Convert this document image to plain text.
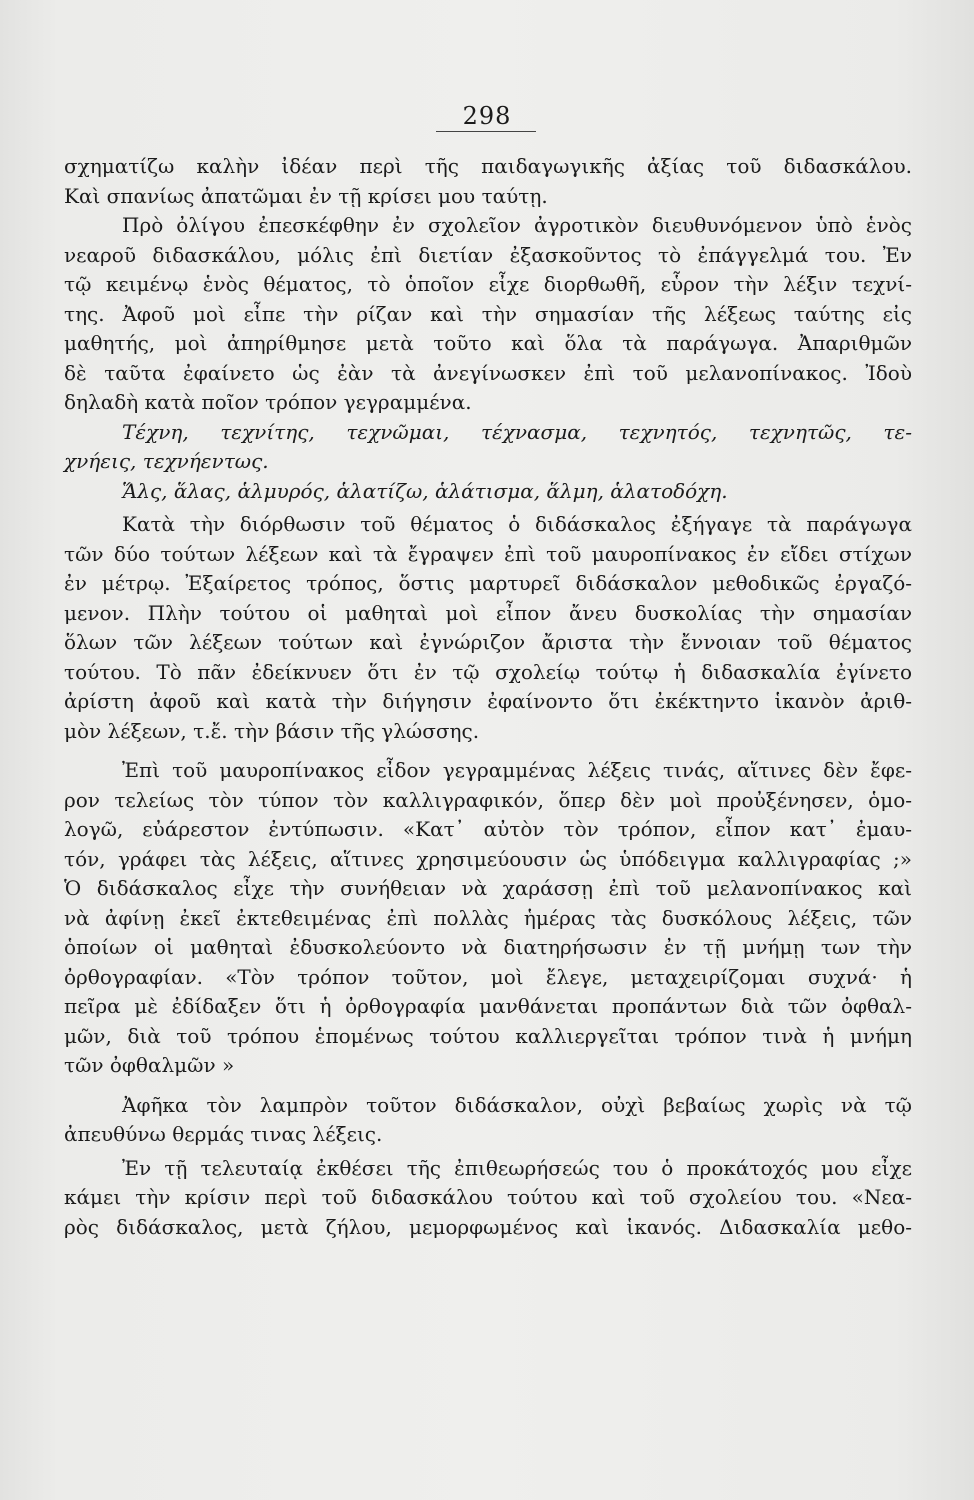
298
σχηματίζω καλὴν ἰδέαν περὶ τῆς παιδαγωγικῆς ἀξίας τοῦ διδασκάλου.
Καὶ σπανίως ἀπατῶμαι ἐν τῇ κρίσει μου ταύτῃ.
Πρὸ ὀλίγου ἐπεσκέφθην ἐν σχολεῖον ἀγροτικὸν διευθυνόμενον ὑπὸ ἑνὸς
νεαροῦ διδασκάλου, μόλις ἐπὶ διετίαν ἐξασκοῦντος τὸ ἐπάγγελμά του. Ἐν
τῷ κειμένῳ ἑνὸς θέματος, τὸ ὁποῖον εἶχε διορθωθῆ, εὗρον τὴν λέξιν τεχνί-
της. Ἀφοῦ μοὶ εἶπε τὴν ρίζαν καὶ τὴν σημασίαν τῆς λέξεως ταύτης εἰς
μαθητής, μοὶ ἀπηρίθμησε μετὰ τοῦτο καὶ ὅλα τὰ παράγωγα. Ἀπαριθμῶν
δὲ ταῦτα ἐφαίνετο ὡς ἐὰν τὰ ἀνεγίνωσκεν ἐπὶ τοῦ μελανοπίνακος. Ἰδοὺ
δηλαδὴ κατὰ ποῖον τρόπον γεγραμμένα.
Τέχνη, τεχνίτης, τεχνῶμαι, τέχνασμα, τεχνητός, τεχνητῶς, τε-
χνήεις, τεχνήεντως.
Ἅλς, ἅλας, ἁλμυρός, ἁλατίζω, ἁλάτισμα, ἅλμη, ἁλατοδόχη.
Κατὰ τὴν διόρθωσιν τοῦ θέματος ὁ διδάσκαλος ἐξήγαγε τὰ παράγωγα
τῶν δύο τούτων λέξεων καὶ τὰ ἔγραψεν ἐπὶ τοῦ μαυροπίνακος ἐν εἴδει στίχων
ἐν μέτρῳ. Ἐξαίρετος τρόπος, ὅστις μαρτυρεῖ διδάσκαλον μεθοδικῶς ἐργαζό-
μενον. Πλὴν τούτου οἱ μαθηταὶ μοὶ εἶπον ἄνευ δυσκολίας τὴν σημασίαν
ὅλων τῶν λέξεων τούτων καὶ ἐγνώριζον ἄριστα τὴν ἔννοιαν τοῦ θέματος
τούτου. Τὸ πᾶν ἐδείκνυεν ὅτι ἐν τῷ σχολείῳ τούτῳ ἡ διδασκαλία ἐγίνετο
ἀρίστη ἀφοῦ καὶ κατὰ τὴν διήγησιν ἐφαίνοντο ὅτι ἐκέκτηντο ἱκανὸν ἀριθ-
μὸν λέξεων, τ.ἔ. τὴν βάσιν τῆς γλώσσης.
Ἐπὶ τοῦ μαυροπίνακος εἶδον γεγραμμένας λέξεις τινάς, αἵτινες δὲν ἔφε-
ρον τελείως τὸν τύπον τὸν καλλιγραφικόν, ὅπερ δὲν μοὶ προὐξένησεν, ὁμο-
λογῶ, εὐάρεστον ἐντύπωσιν. «Κατ᾽ αὐτὸν τὸν τρόπον, εἶπον κατ᾽ ἐμαυ-
τόν, γράφει τὰς λέξεις, αἵτινες χρησιμεύουσιν ὡς ὑπόδειγμα καλλιγραφίας ;»
Ὁ διδάσκαλος εἶχε τὴν συνήθειαν νὰ χαράσσῃ ἐπὶ τοῦ μελανοπίνακος καὶ
νὰ ἀφίνῃ ἐκεῖ ἐκτεθειμένας ἐπὶ πολλὰς ἡμέρας τὰς δυσκόλους λέξεις, τῶν
ὁποίων οἱ μαθηταὶ ἐδυσκολεύοντο νὰ διατηρήσωσιν ἐν τῇ μνήμῃ των τὴν
ὀρθογραφίαν. «Τὸν τρόπον τοῦτον, μοὶ ἔλεγε, μεταχειρίζομαι συχνά· ἡ
πεῖρα μὲ ἐδίδαξεν ὅτι ἡ ὀρθογραφία μανθάνεται προπάντων διὰ τῶν ὀφθαλ-
μῶν, διὰ τοῦ τρόπου ἑπομένως τούτου καλλιεργεῖται τρόπον τινὰ ἡ μνήμη
τῶν ὀφθαλμῶν »
Ἀφῆκα τὸν λαμπρὸν τοῦτον διδάσκαλον, οὐχὶ βεβαίως χωρὶς νὰ τῷ
ἀπευθύνω θερμάς τινας λέξεις.
Ἐν τῇ τελευταίᾳ ἐκθέσει τῆς ἐπιθεωρήσεώς του ὁ προκάτοχός μου εἶχε
κάμει τὴν κρίσιν περὶ τοῦ διδασκάλου τούτου καὶ τοῦ σχολείου του. «Νεα-
ρὸς διδάσκαλος, μετὰ ζήλου, μεμορφωμένος καὶ ἱκανός. Διδασκαλία μεθο-
